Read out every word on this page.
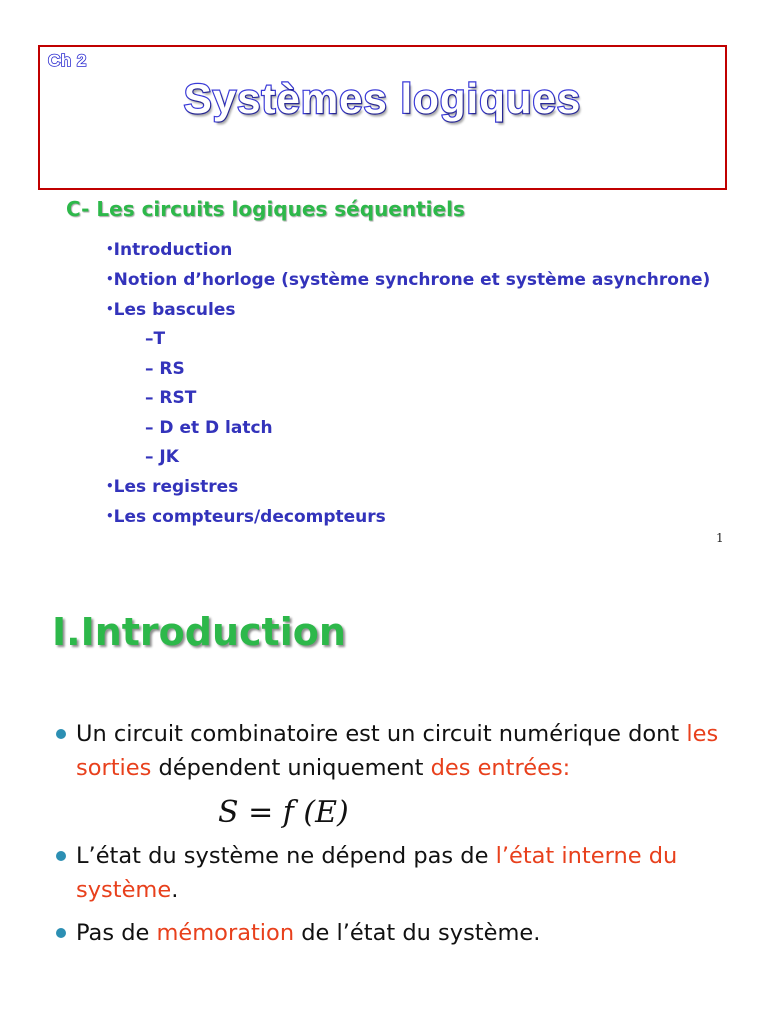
Ch 2
Systèmes logiques
C- Les circuits logiques séquentiels
•Introduction
•Notion d’horloge (système synchrone et système asynchrone)
•Les bascules
–T
– RS
– RST
– D et D latch
– JK
•Les registres
•Les compteurs/decompteurs
1
I.Introduction
Un circuit combinatoire est un circuit numérique dont les sorties dépendent uniquement des entrées:
S = f (E)
L’état du système ne dépend pas de l’état interne du système.
Pas de mémoration de l’état du système.
